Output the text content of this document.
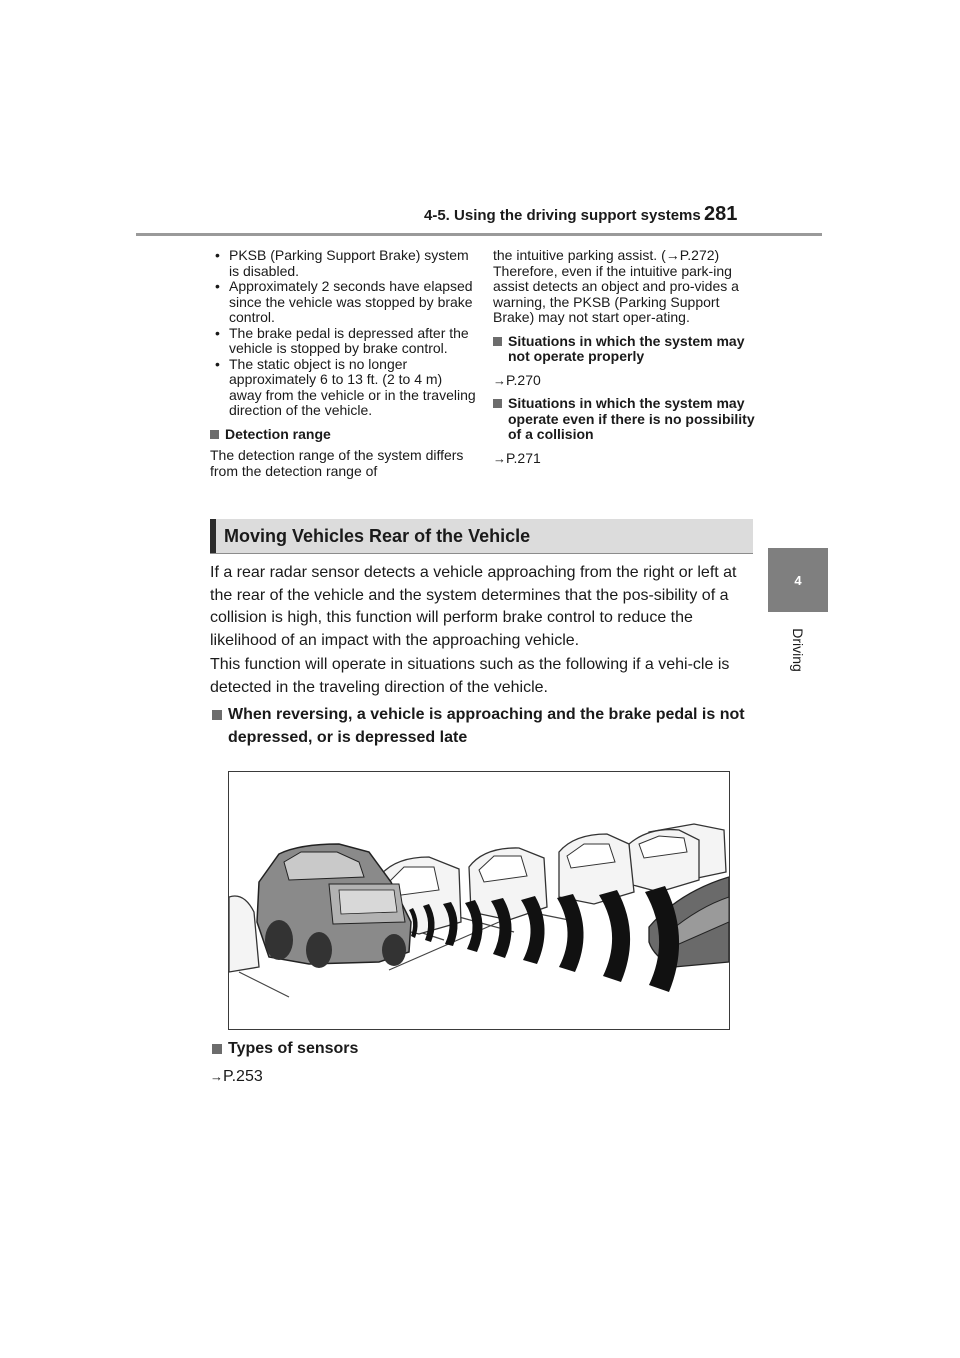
4-5. Using the driving support systems 281
4
Driving
• PKSB (Parking Support Brake) system is disabled.
• Approximately 2 seconds have elapsed since the vehicle was stopped by brake control.
• The brake pedal is depressed after the vehicle is stopped by brake control.
• The static object is no longer approximately 6 to 13 ft. (2 to 4 m) away from the vehicle or in the traveling direction of the vehicle.
Detection range
The detection range of the system differs from the detection range of
the intuitive parking assist. (→P.272) Therefore, even if the intuitive park-ing assist detects an object and pro-vides a warning, the PKSB (Parking Support Brake) may not start oper-ating.
Situations in which the system may not operate properly
→P.270
Situations in which the system may operate even if there is no possibility of a collision
→P.271
Moving Vehicles Rear of the Vehicle
If a rear radar sensor detects a vehicle approaching from the right or left at the rear of the vehicle and the system determines that the pos-sibility of a collision is high, this function will perform brake control to reduce the likelihood of an impact with the approaching vehicle.
This function will operate in situations such as the following if a vehi-cle is detected in the traveling direction of the vehicle.
When reversing, a vehicle is approaching and the brake pedal is not depressed, or is depressed late
Types of sensors
→P.253
